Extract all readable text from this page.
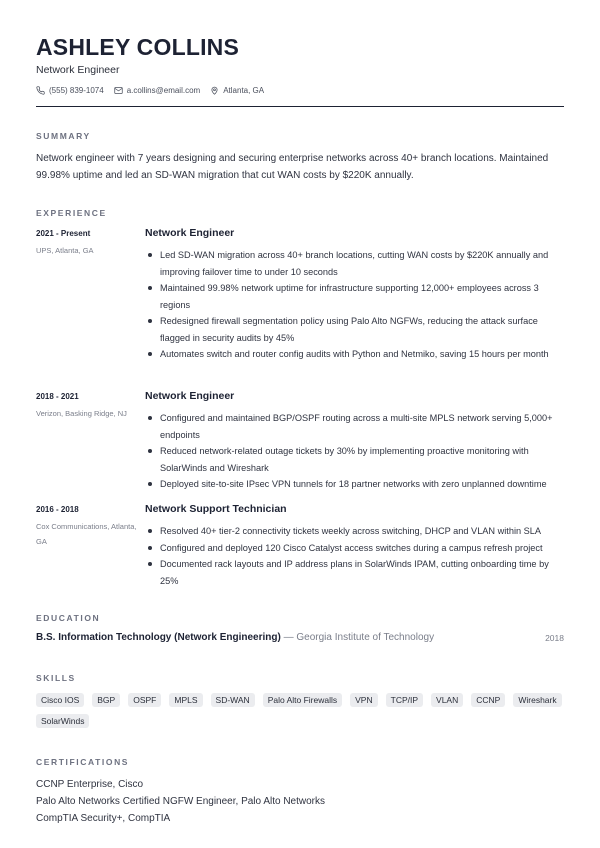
ASHLEY COLLINS
Network Engineer
(555) 839-1074	a.collins@email.com	Atlanta, GA
SUMMARY
Network engineer with 7 years designing and securing enterprise networks across 40+ branch locations. Maintained 99.98% uptime and led an SD-WAN migration that cut WAN costs by $220K annually.
EXPERIENCE
2021 - Present
UPS, Atlanta, GA
Network Engineer
Led SD-WAN migration across 40+ branch locations, cutting WAN costs by $220K annually and improving failover time to under 10 seconds
Maintained 99.98% network uptime for infrastructure supporting 12,000+ employees across 3 regions
Redesigned firewall segmentation policy using Palo Alto NGFWs, reducing the attack surface flagged in security audits by 45%
Automates switch and router config audits with Python and Netmiko, saving 15 hours per month
2018 - 2021
Verizon, Basking Ridge, NJ
Network Engineer
Configured and maintained BGP/OSPF routing across a multi-site MPLS network serving 5,000+ endpoints
Reduced network-related outage tickets by 30% by implementing proactive monitoring with SolarWinds and Wireshark
Deployed site-to-site IPsec VPN tunnels for 18 partner networks with zero unplanned downtime
2016 - 2018
Cox Communications, Atlanta, GA
Network Support Technician
Resolved 40+ tier-2 connectivity tickets weekly across switching, DHCP and VLAN within SLA
Configured and deployed 120 Cisco Catalyst access switches during a campus refresh project
Documented rack layouts and IP address plans in SolarWinds IPAM, cutting onboarding time by 25%
EDUCATION
B.S. Information Technology (Network Engineering) — Georgia Institute of Technology	2018
SKILLS
Cisco IOS	BGP	OSPF	MPLS	SD-WAN	Palo Alto Firewalls	VPN	TCP/IP	VLAN	CCNP	Wireshark
SolarWinds
CERTIFICATIONS
CCNP Enterprise, Cisco
Palo Alto Networks Certified NGFW Engineer, Palo Alto Networks
CompTIA Security+, CompTIA
